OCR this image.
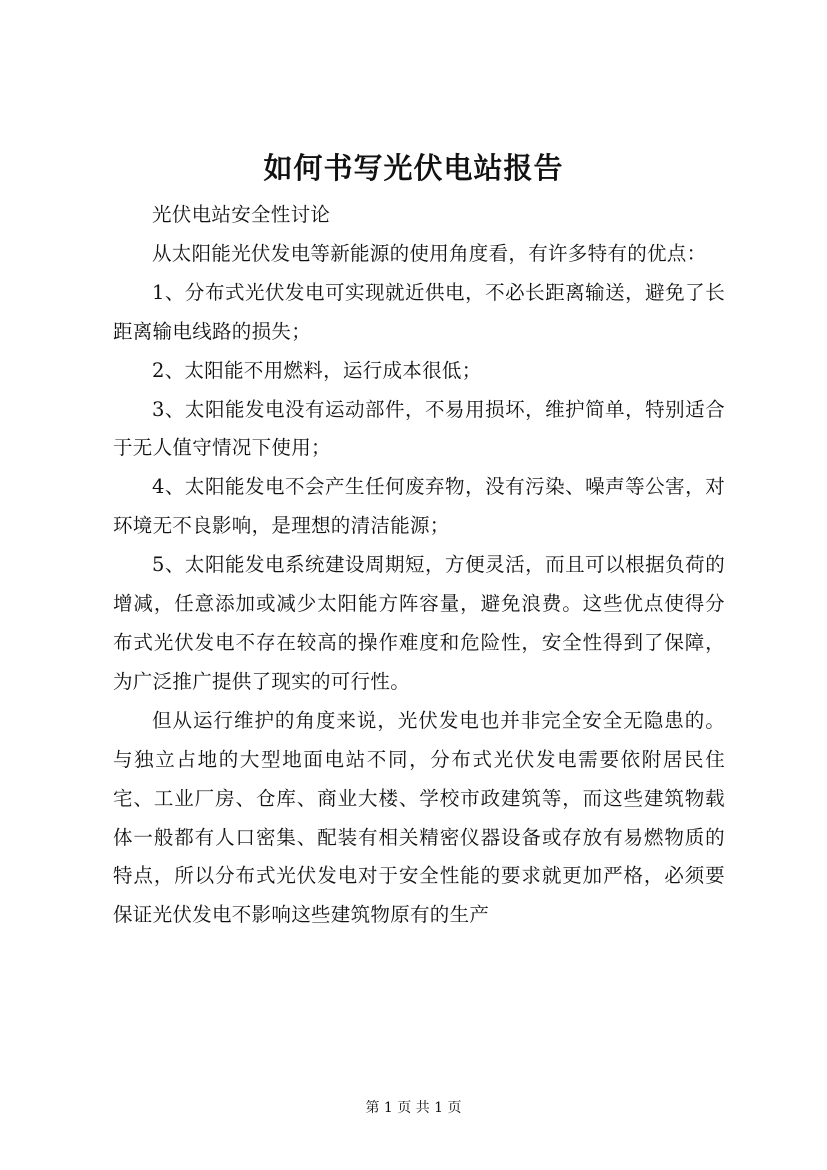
如何书写光伏电站报告

光伏电站安全性讨论

从太阳能光伏发电等新能源的使用角度看，有许多特有的优点：

1、分布式光伏发电可实现就近供电，不必长距离输送，避免了长距离输电线路的损失；

2、太阳能不用燃料，运行成本很低；

3、太阳能发电没有运动部件，不易用损坏，维护简单，特别适合于无人值守情况下使用；

4、太阳能发电不会产生任何废弃物，没有污染、噪声等公害，对环境无不良影响，是理想的清洁能源；

5、太阳能发电系统建设周期短，方便灵活，而且可以根据负荷的增减，任意添加或减少太阳能方阵容量，避免浪费。这些优点使得分布式光伏发电不存在较高的操作难度和危险性，安全性得到了保障，为广泛推广提供了现实的可行性。

但从运行维护的角度来说，光伏发电也并非完全安全无隐患的。与独立占地的大型地面电站不同，分布式光伏发电需要依附居民住宅、工业厂房、仓库、商业大楼、学校市政建筑等，而这些建筑物载体一般都有人口密集、配装有相关精密仪器设备或存放有易燃物质的特点，所以分布式光伏发电对于安全性能的要求就更加严格，必须要保证光伏发电不影响这些建筑物原有的生产

第 1 页 共 1 页
